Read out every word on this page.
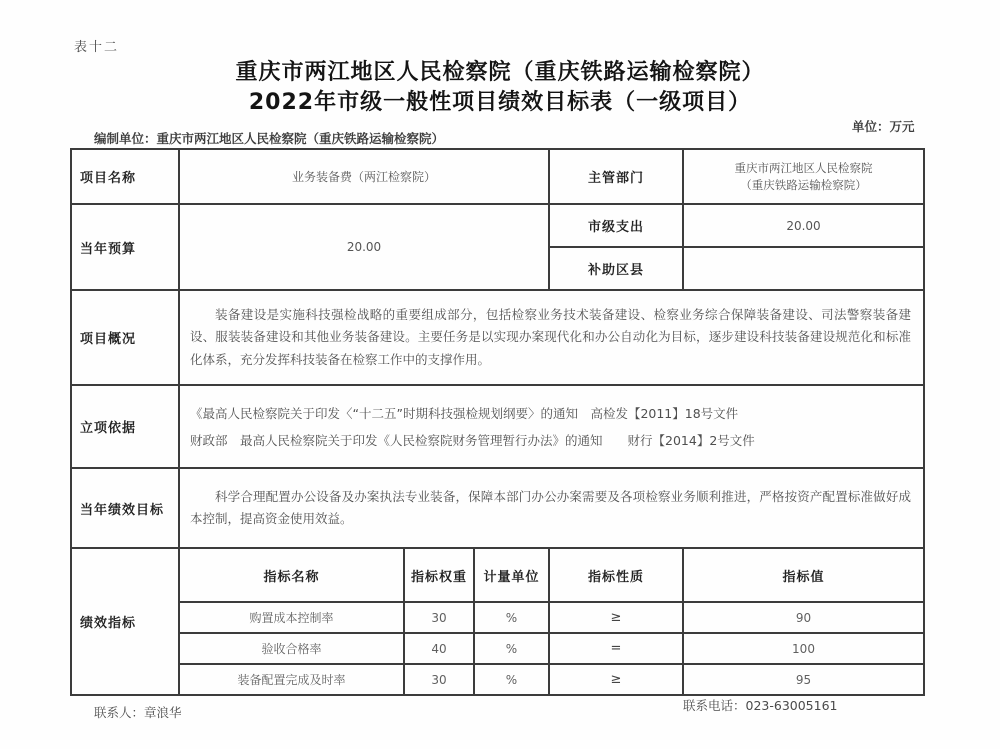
表十二
重庆市两江地区人民检察院（重庆铁路运输检察院）
2022年市级一般性项目绩效目标表（一级项目）
编制单位：重庆市两江地区人民检察院（重庆铁路运输检察院）
单位：万元
项目名称	业务装备费（两江检察院）			主管部门	重庆市两江地区人民检察院
（重庆铁路运输检察院）

当年预算	20.00			市级支出	20.00
				补助区县	
项目概况	装备建设是实施科技强检战略的重要组成部分，包括检察业务技术装备建设、检察业务综合保障装备建设、司法警察装备建设、服装装备建设和其他业务装备建设。主要任务是以实现办案现代化和办公自动化为目标，逐步建设科技装备建设规范化和标准化体系，充分发挥科技装备在检察工作中的支撑作用。				

立项依据	《最高人民检察院关于印发〈“十二五”时期科技强检规划纲要〉的通知　高检发【2011】18号文件
财政部　最高人民检察院关于印发《人民检察院财务管理暂行办法》的通知　　财行【2014】2号文件				

当年绩效目标	科学合理配置办公设备及办案执法专业装备，保障本部门办公办案需要及各项检察业务顺利推进，严格按资产配置标准做好成本控制，提高资金使用效益。				

绩效指标	指标名称	指标权重	计量单位	指标性质	指标值
	购置成本控制率	30	%	≥	90
	验收合格率	40	%	=	100
	装备配置完成及时率	30	%	≥	95
联系人：章浪华	联系电话：023-63005161
